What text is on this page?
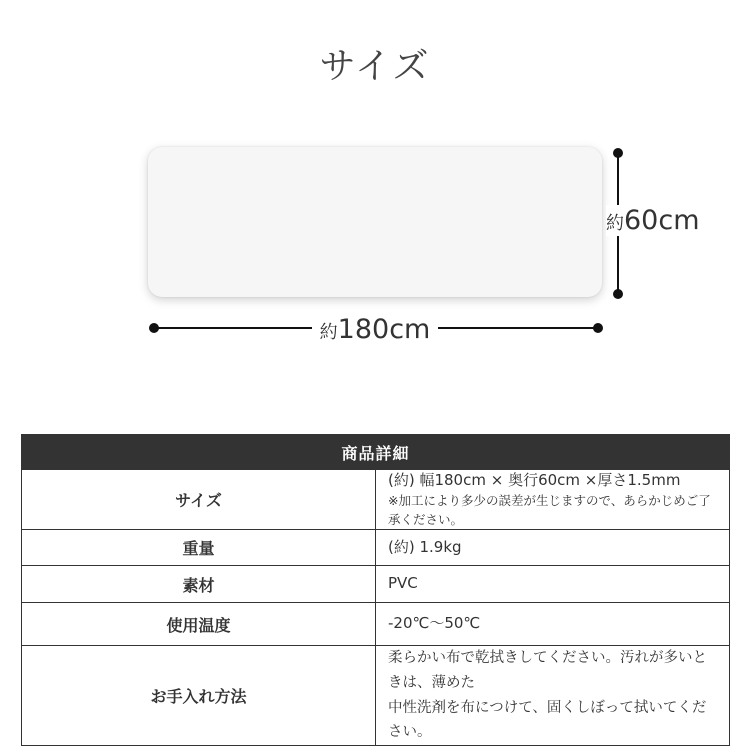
サイズ
約180cm
約60cm
商品詳細	
サイズ	(約) 幅180cm × 奥行60cm ×厚さ1.5mm
※加工により多少の誤差が生じますので、あらかじめご了承ください。

重量	(約) 1.9kg

素材	PVC

使用温度	-20℃〜50℃

お手入れ方法	柔らかい布で乾拭きしてください。汚れが多いときは、薄めた
中性洗剤を布につけて、固くしぼって拭いてください。
